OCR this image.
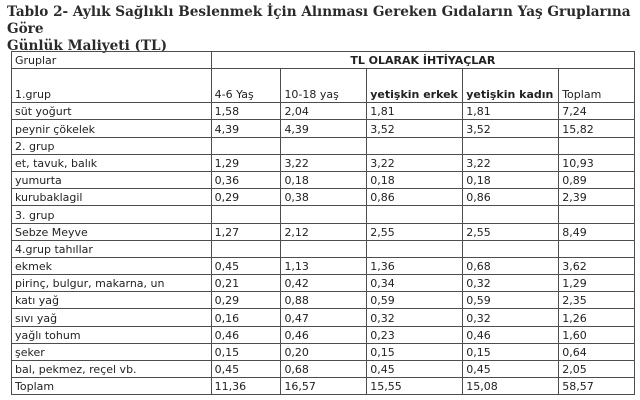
Tablo 2- Aylık Sağlıklı Beslenmek İçin Alınması Gereken Gıdaların Yaş Gruplarına Göre
Günlük Maliyeti (TL)
Gruplar	TL OLARAK İHTİYAÇLAR				
1.grup	4-6 Yaş	10-18 yaş	yetişkin erkek	yetişkin kadın	Toplam
süt yoğurt	1,58	2,04	1,81	1,81	7,24
peynir çökelek	4,39	4,39	3,52	3,52	15,82
2. grup					
et, tavuk, balık	1,29	3,22	3,22	3,22	10,93
yumurta	0,36	0,18	0,18	0,18	0,89
kurubaklagil	0,29	0,38	0,86	0,86	2,39
3. grup					
Sebze Meyve	1,27	2,12	2,55	2,55	8,49
4.grup tahıllar					
ekmek	0,45	1,13	1,36	0,68	3,62
pirinç, bulgur, makarna, un	0,21	0,42	0,34	0,32	1,29
katı yağ	0,29	0,88	0,59	0,59	2,35
sıvı yağ	0,16	0,47	0,32	0,32	1,26
yağlı tohum	0,46	0,46	0,23	0,46	1,60
şeker	0,15	0,20	0,15	0,15	0,64
bal, pekmez, reçel vb.	0,45	0,68	0,45	0,45	2,05
Toplam	11,36	16,57	15,55	15,08	58,57
